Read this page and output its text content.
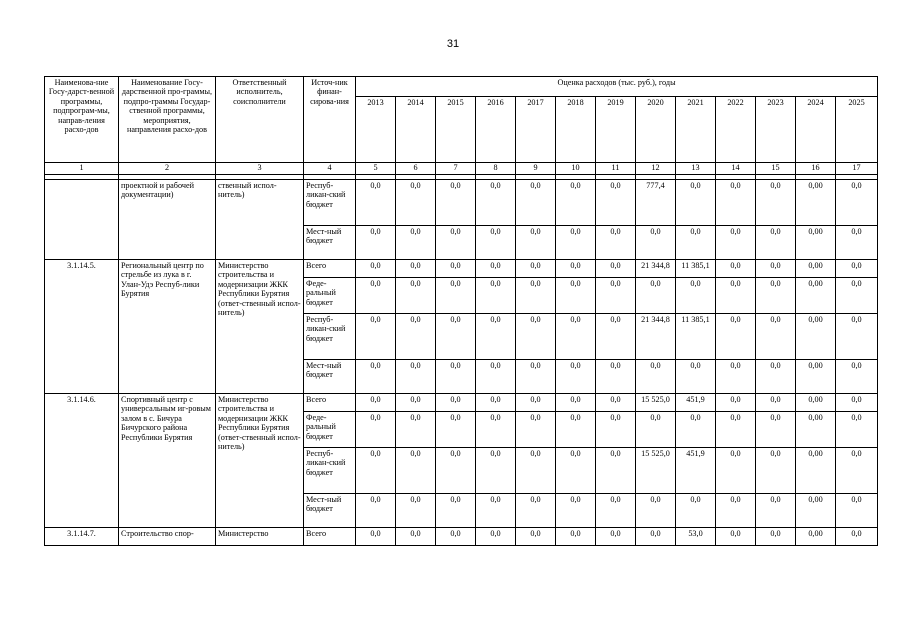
31
Наименова-ние Госу-дарст-венной программы, подпрограм-мы, направ-ления расхо-дов	Наименование Госу-дарственной про-граммы, подпро-граммы Государ-ственной программы, мероприятия, направления расхо-дов	Ответственный исполнитель, соисполнители	Источ-ник финан-сирова-ния	Оценка расходов (тыс. руб.), годы												
				2013	2014	2015	2016	2017	2018	2019	2020	2021	2022	2023	2024	2025
1	2	3	4	5	6	7	8	9	10	11	12	13	14	15	16	17

	проектной и рабочей документации)	ственный испол-нитель)	Респуб-ликан-ский бюджет	0,0	0,0	0,0	0,0	0,0	0,0	0,0	777,4	0,0	0,0	0,0	0,00	0,0
			Мест-ный бюджет	0,0	0,0	0,0	0,0	0,0	0,0	0,0	0,0	0,0	0,0	0,0	0,00	0,0
3.1.14.5.	Региональный центр по стрельбе из лука в г. Улан-Удэ Респуб-лики Бурятия	Министерство строительства и модернизации ЖКК Республики Бурятия (ответ-ственный испол-нитель)	Всего	0,0	0,0	0,0	0,0	0,0	0,0	0,0	21 344,8	11 385,1	0,0	0,0	0,00	0,0
			Феде-ральный бюджет	0,0	0,0	0,0	0,0	0,0	0,0	0,0	0,0	0,0	0,0	0,0	0,00	0,0
			Респуб-ликан-ский бюджет	0,0	0,0	0,0	0,0	0,0	0,0	0,0	21 344,8	11 385,1	0,0	0,0	0,00	0,0
			Мест-ный бюджет	0,0	0,0	0,0	0,0	0,0	0,0	0,0	0,0	0,0	0,0	0,0	0,00	0,0
3.1.14.6.	Спортивный центр с универсальным иг-ровым залом в с. Бичура Бичурского района Республики Бурятия	Министерство строительства и модернизации ЖКК Республики Бурятия (ответ-ственный испол-нитель)	Всего	0,0	0,0	0,0	0,0	0,0	0,0	0,0	15 525,0	451,9	0,0	0,0	0,00	0,0
			Феде-ральный бюджет	0,0	0,0	0,0	0,0	0,0	0,0	0,0	0,0	0,0	0,0	0,0	0,00	0,0
			Респуб-ликан-ский бюджет	0,0	0,0	0,0	0,0	0,0	0,0	0,0	15 525,0	451,9	0,0	0,0	0,00	0,0
			Мест-ный бюджет	0,0	0,0	0,0	0,0	0,0	0,0	0,0	0,0	0,0	0,0	0,0	0,00	0,0
3.1.14.7.	Строительство спор-	Министерство	Всего	0,0	0,0	0,0	0,0	0,0	0,0	0,0	0,0	53,0	0,0	0,0	0,00	0,0
